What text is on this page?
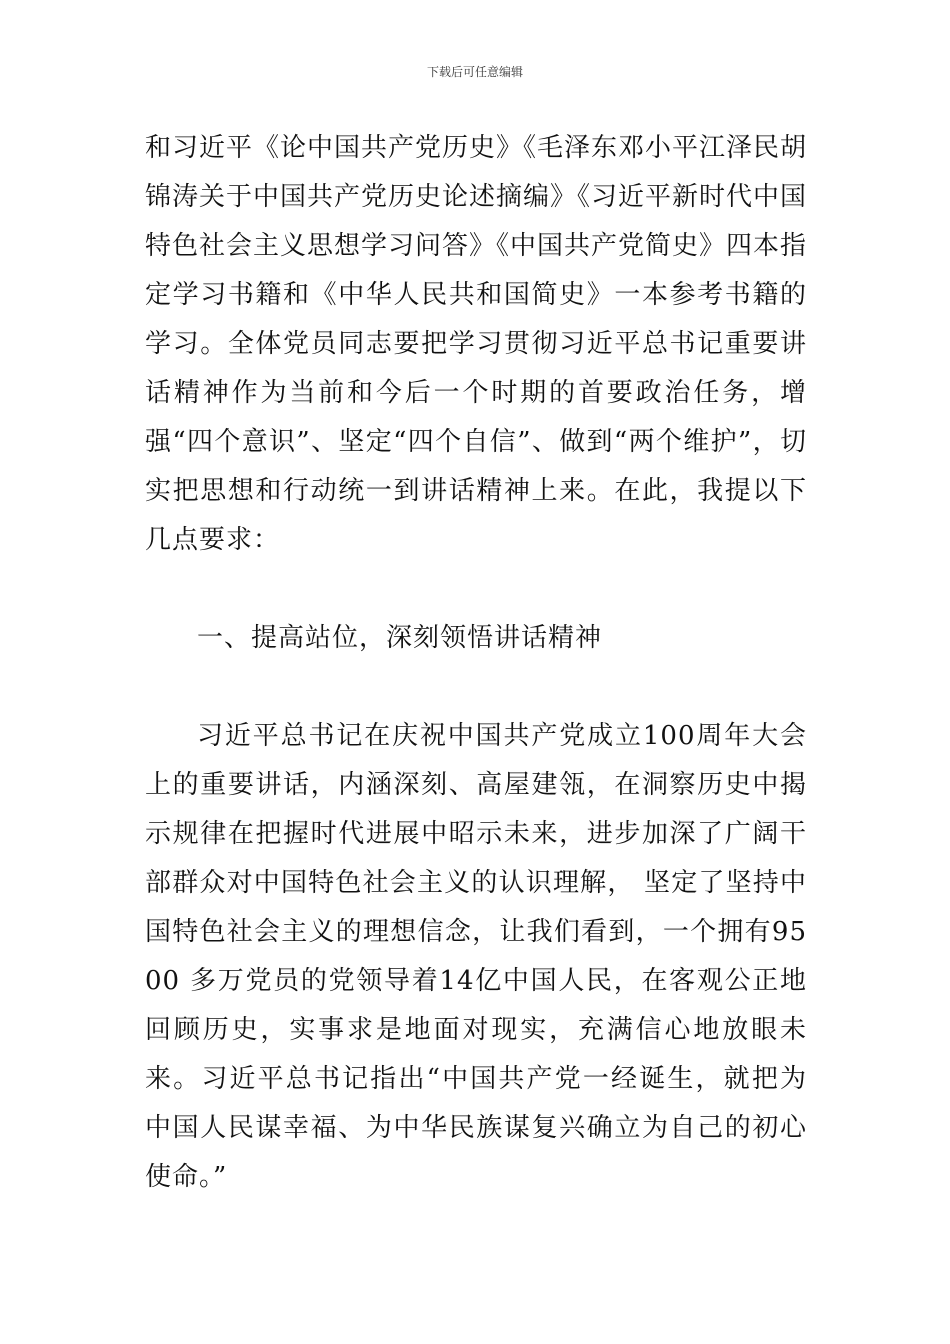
下载后可任意编辑

和习近平《论中国共产党历史》《毛泽东邓小平江泽民胡锦涛关于中国共产党历史论述摘编》《习近平新时代中国特色社会主义思想学习问答》《中国共产党简史》四本指定学习书籍和《中华人民共和国简史》一本参考书籍的学习。全体党员同志要把学习贯彻习近平总书记重要讲话精神作为当前和今后一个时期的首要政治任务，增强“四个意识”、坚定“四个自信”、做到“两个维护”，切实把思想和行动统一到讲话精神上来。在此，我提以下几点要求：

一、提高站位，深刻领悟讲话精神

习近平总书记在庆祝中国共产党成立100周年大会上的重要讲话，内涵深刻、高屋建瓴，在洞察历史中揭示规律在把握时代进展中昭示未来，进步加深了广阔干部群众对中国特色社会主义的认识理解， 坚定了坚持中国特色社会主义的理想信念，让我们看到，一个拥有9500 多万党员的党领导着14亿中国人民，在客观公正地回顾历史，实事求是地面对现实，充满信心地放眼未来。习近平总书记指出“中国共产党一经诞生，就把为中国人民谋幸福、为中华民族谋复兴确立为自己的初心使命。”
